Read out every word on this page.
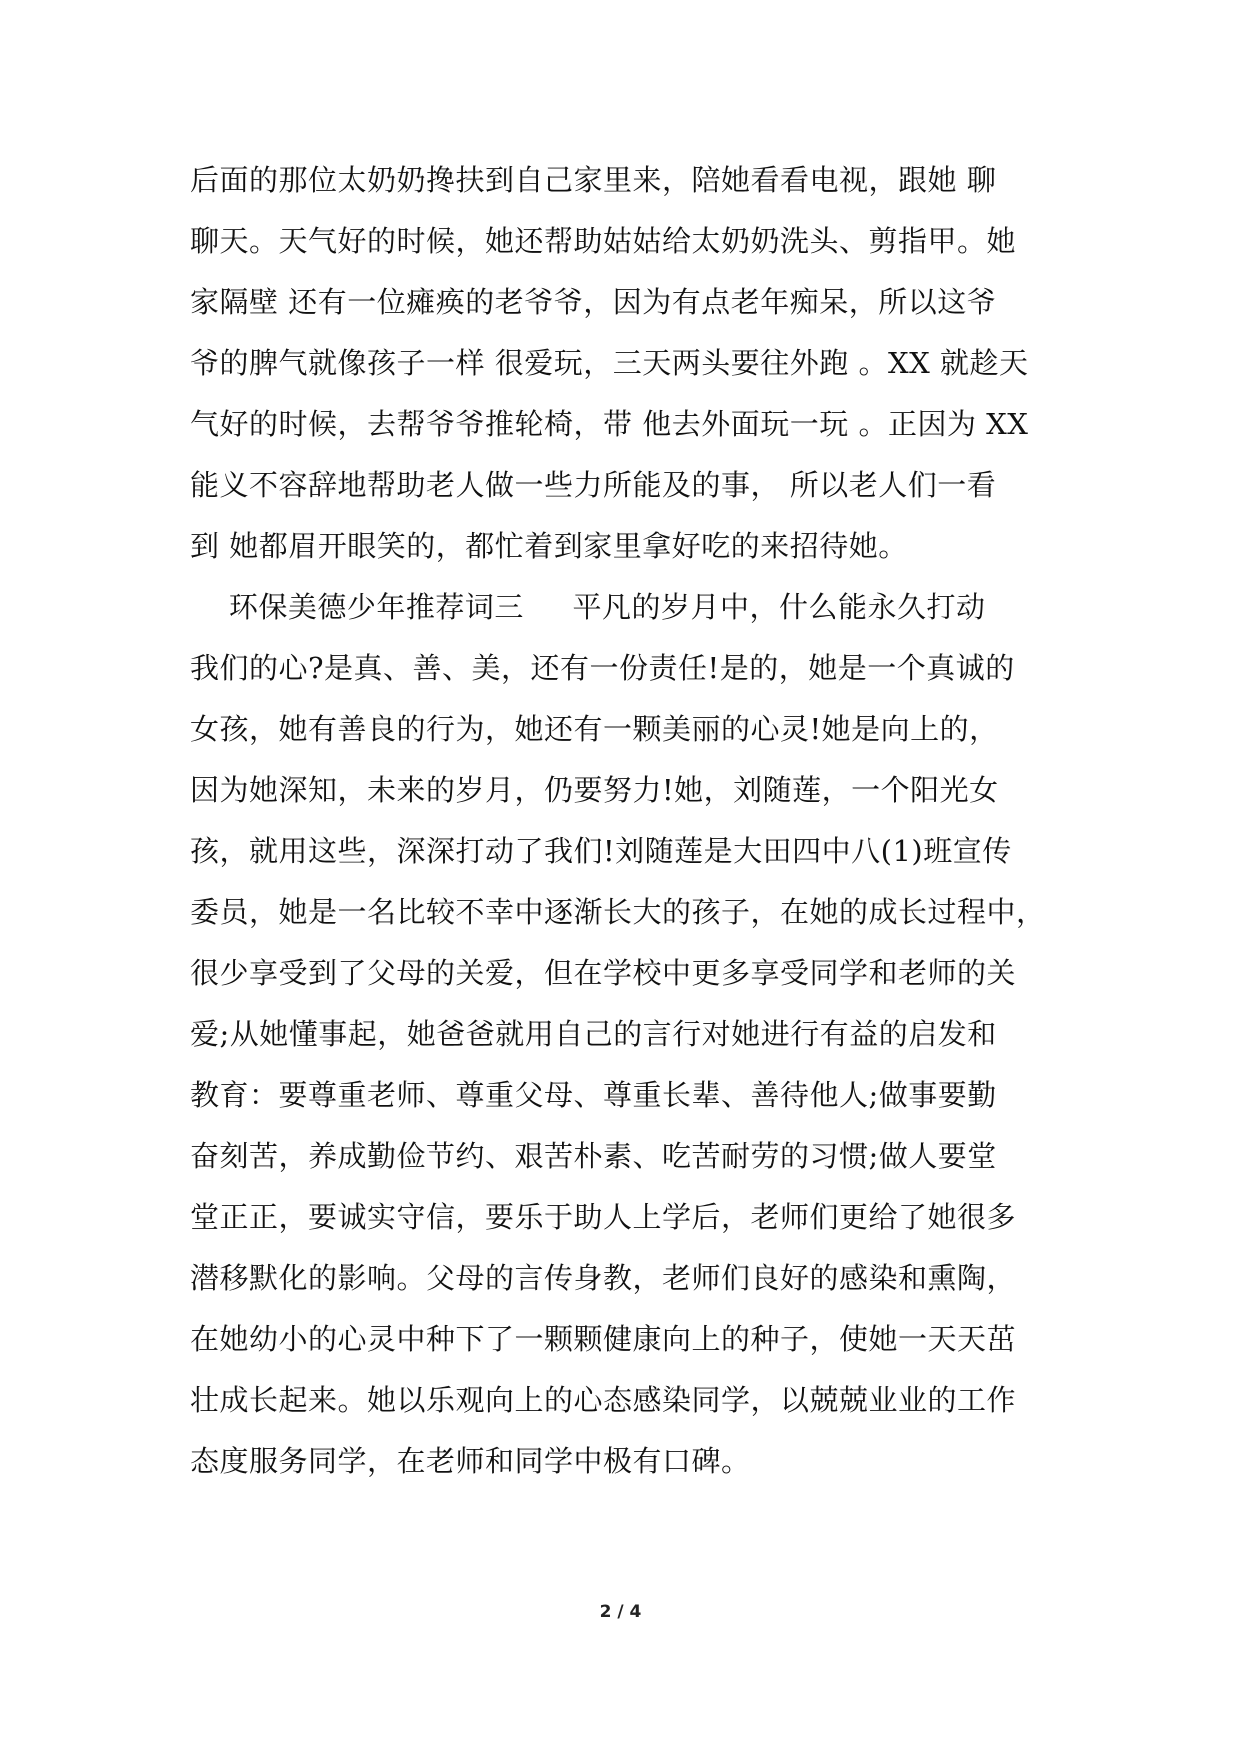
后面的那位太奶奶搀扶到自己家里来，陪她看看电视，跟她 聊
聊天。天气好的时候，她还帮助姑姑给太奶奶洗头、剪指甲。她
家隔壁 还有一位瘫痪的老爷爷，因为有点老年痴呆，所以这爷
爷的脾气就像孩子一样 很爱玩，三天两头要往外跑 。XX 就趁天
气好的时候，去帮爷爷推轮椅，带 他去外面玩一玩 。正因为 XX
能义不容辞地帮助老人做一些力所能及的事， 所以老人们一看
到 她都眉开眼笑的，都忙着到家里拿好吃的来招待她。
环保美德少年推荐词三     平凡的岁月中，什么能永久打动
我们的心?是真、善、美，还有一份责任!是的，她是一个真诚的
女孩，她有善良的行为，她还有一颗美丽的心灵!她是向上的，
因为她深知，未来的岁月，仍要努力!她，刘随莲，一个阳光女
孩，就用这些，深深打动了我们!刘随莲是大田四中八(1)班宣传
委员，她是一名比较不幸中逐渐长大的孩子，在她的成长过程中，
很少享受到了父母的关爱，但在学校中更多享受同学和老师的关
爱;从她懂事起，她爸爸就用自己的言行对她进行有益的启发和
教育：要尊重老师、尊重父母、尊重长辈、善待他人;做事要勤
奋刻苦，养成勤俭节约、艰苦朴素、吃苦耐劳的习惯;做人要堂
堂正正，要诚实守信，要乐于助人上学后，老师们更给了她很多
潜移默化的影响。父母的言传身教，老师们良好的感染和熏陶，
在她幼小的心灵中种下了一颗颗健康向上的种子，使她一天天茁
壮成长起来。她以乐观向上的心态感染同学，以兢兢业业的工作
态度服务同学，在老师和同学中极有口碑。
2 / 4
